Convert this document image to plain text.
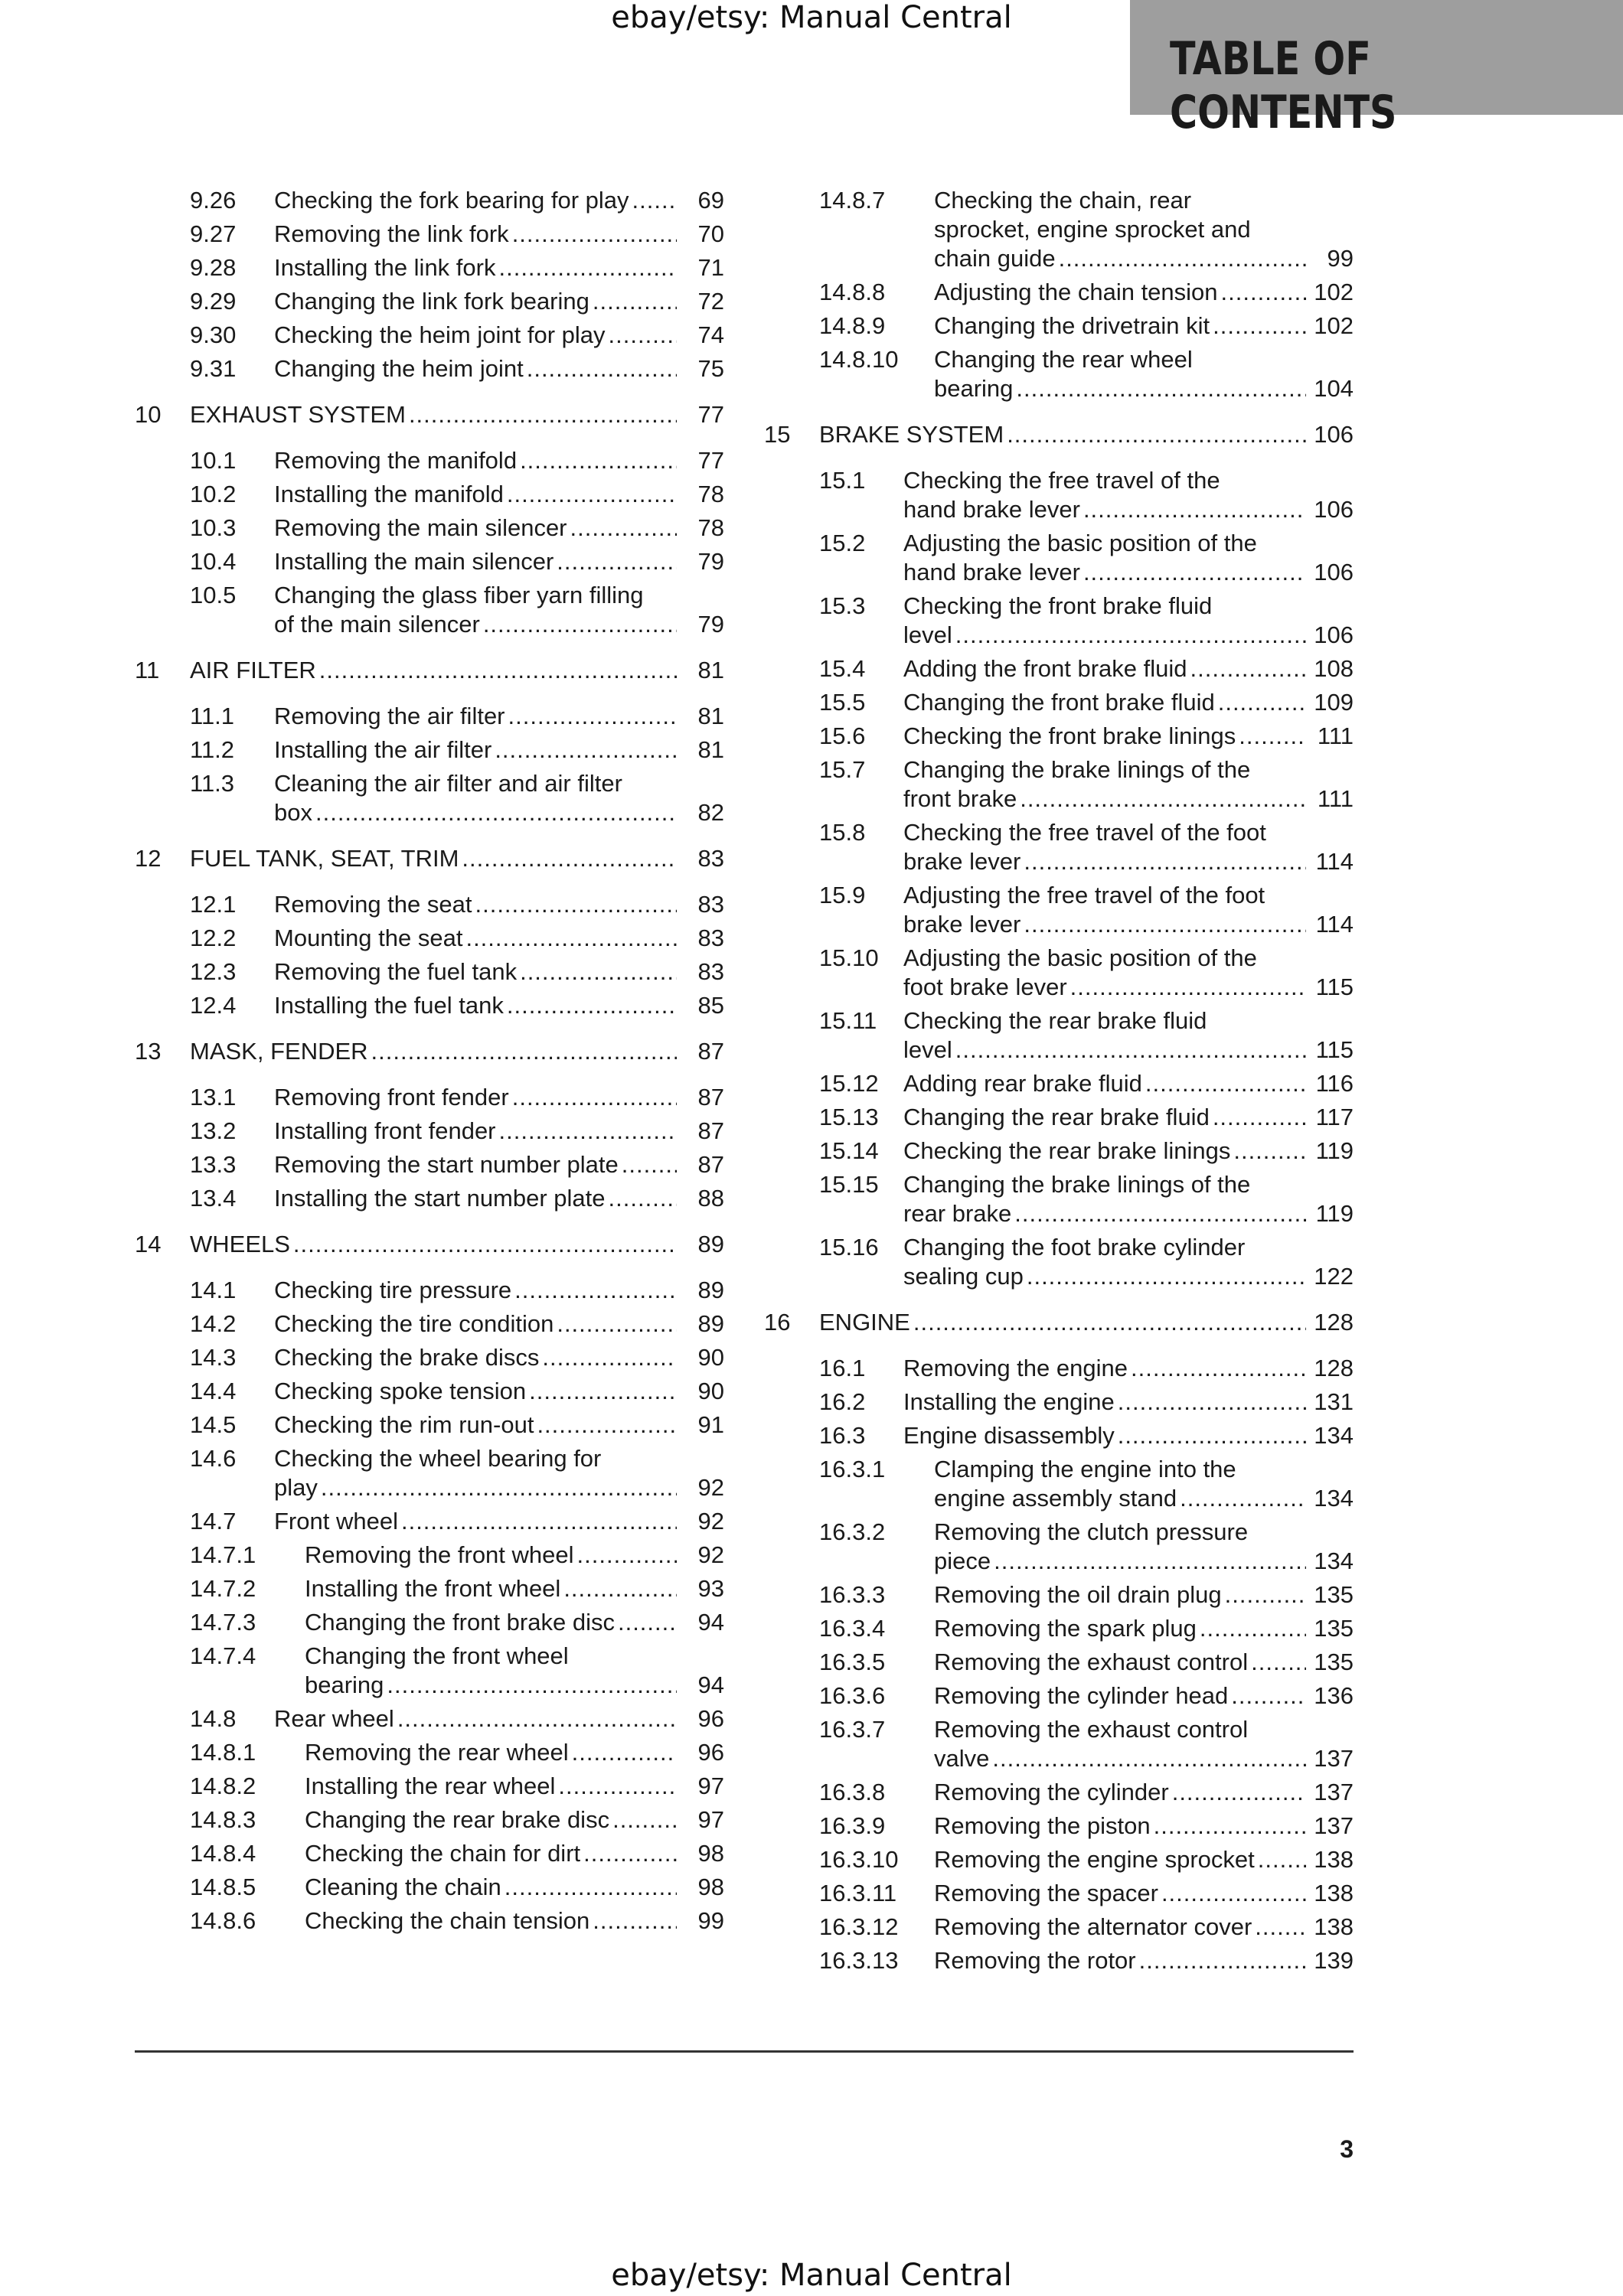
ebay/etsy: Manual Central
TABLE OF CONTENTS
9.26 Checking the fork bearing for play .....	69
9.27 Removing the link fork .....	70
9.28 Installing the link fork .....	71
9.29 Changing the link fork bearing .....	72
9.30 Checking the heim joint for play .....	74
9.31 Changing the heim joint .....	75
10 EXHAUST SYSTEM .....	77
10.1 Removing the manifold .....	77
10.2 Installing the manifold .....	78
10.3 Removing the main silencer .....	78
10.4 Installing the main silencer .....	79
10.5 Changing the glass fiber yarn filling
of the main silencer .....	79
11 AIR FILTER .....	81
11.1 Removing the air filter .....	81
11.2 Installing the air filter .....	81
11.3 Cleaning the air filter and air filter
box .....	82
12 FUEL TANK, SEAT, TRIM .....	83
12.1 Removing the seat .....	83
12.2 Mounting the seat .....	83
12.3 Removing the fuel tank .....	83
12.4 Installing the fuel tank .....	85
13 MASK, FENDER .....	87
13.1 Removing front fender .....	87
13.2 Installing front fender .....	87
13.3 Removing the start number plate .....	87
13.4 Installing the start number plate .....	88
14 WHEELS .....	89
14.1 Checking tire pressure .....	89
14.2 Checking the tire condition .....	89
14.3 Checking the brake discs .....	90
14.4 Checking spoke tension .....	90
14.5 Checking the rim run-out .....	91
14.6 Checking the wheel bearing for
play .....	92
14.7 Front wheel .....	92
14.7.1 Removing the front wheel .....	92
14.7.2 Installing the front wheel .....	93
14.7.3 Changing the front brake disc .....	94
14.7.4 Changing the front wheel
bearing .....	94
14.8 Rear wheel .....	96
14.8.1 Removing the rear wheel .....	96
14.8.2 Installing the rear wheel .....	97
14.8.3 Changing the rear brake disc .....	97
14.8.4 Checking the chain for dirt .....	98
14.8.5 Cleaning the chain .....	98
14.8.6 Checking the chain tension .....	99
14.8.7 Checking the chain, rear
sprocket, engine sprocket and
chain guide .....	99
14.8.8 Adjusting the chain tension .....	102
14.8.9 Changing the drivetrain kit .....	102
14.8.10 Changing the rear wheel
bearing .....	104
15 BRAKE SYSTEM .....	106
15.1 Checking the free travel of the
hand brake lever .....	106
15.2 Adjusting the basic position of the
hand brake lever .....	106
15.3 Checking the front brake fluid
level .....	106
15.4 Adding the front brake fluid .....	108
15.5 Changing the front brake fluid .....	109
15.6 Checking the front brake linings .....	111
15.7 Changing the brake linings of the
front brake .....	111
15.8 Checking the free travel of the foot
brake lever .....	114
15.9 Adjusting the free travel of the foot
brake lever .....	114
15.10 Adjusting the basic position of the
foot brake lever .....	115
15.11 Checking the rear brake fluid
level .....	115
15.12 Adding rear brake fluid .....	116
15.13 Changing the rear brake fluid .....	117
15.14 Checking the rear brake linings .....	119
15.15 Changing the brake linings of the
rear brake .....	119
15.16 Changing the foot brake cylinder
sealing cup .....	122
16 ENGINE .....	128
16.1 Removing the engine .....	128
16.2 Installing the engine .....	131
16.3 Engine disassembly .....	134
16.3.1 Clamping the engine into the
engine assembly stand .....	134
16.3.2 Removing the clutch pressure
piece .....	134
16.3.3 Removing the oil drain plug .....	135
16.3.4 Removing the spark plug .....	135
16.3.5 Removing the exhaust control .....	135
16.3.6 Removing the cylinder head .....	136
16.3.7 Removing the exhaust control
valve .....	137
16.3.8 Removing the cylinder .....	137
16.3.9 Removing the piston .....	137
16.3.10 Removing the engine sprocket .....	138
16.3.11 Removing the spacer .....	138
16.3.12 Removing the alternator cover .....	138
16.3.13 Removing the rotor .....	139
3
ebay/etsy: Manual Central
